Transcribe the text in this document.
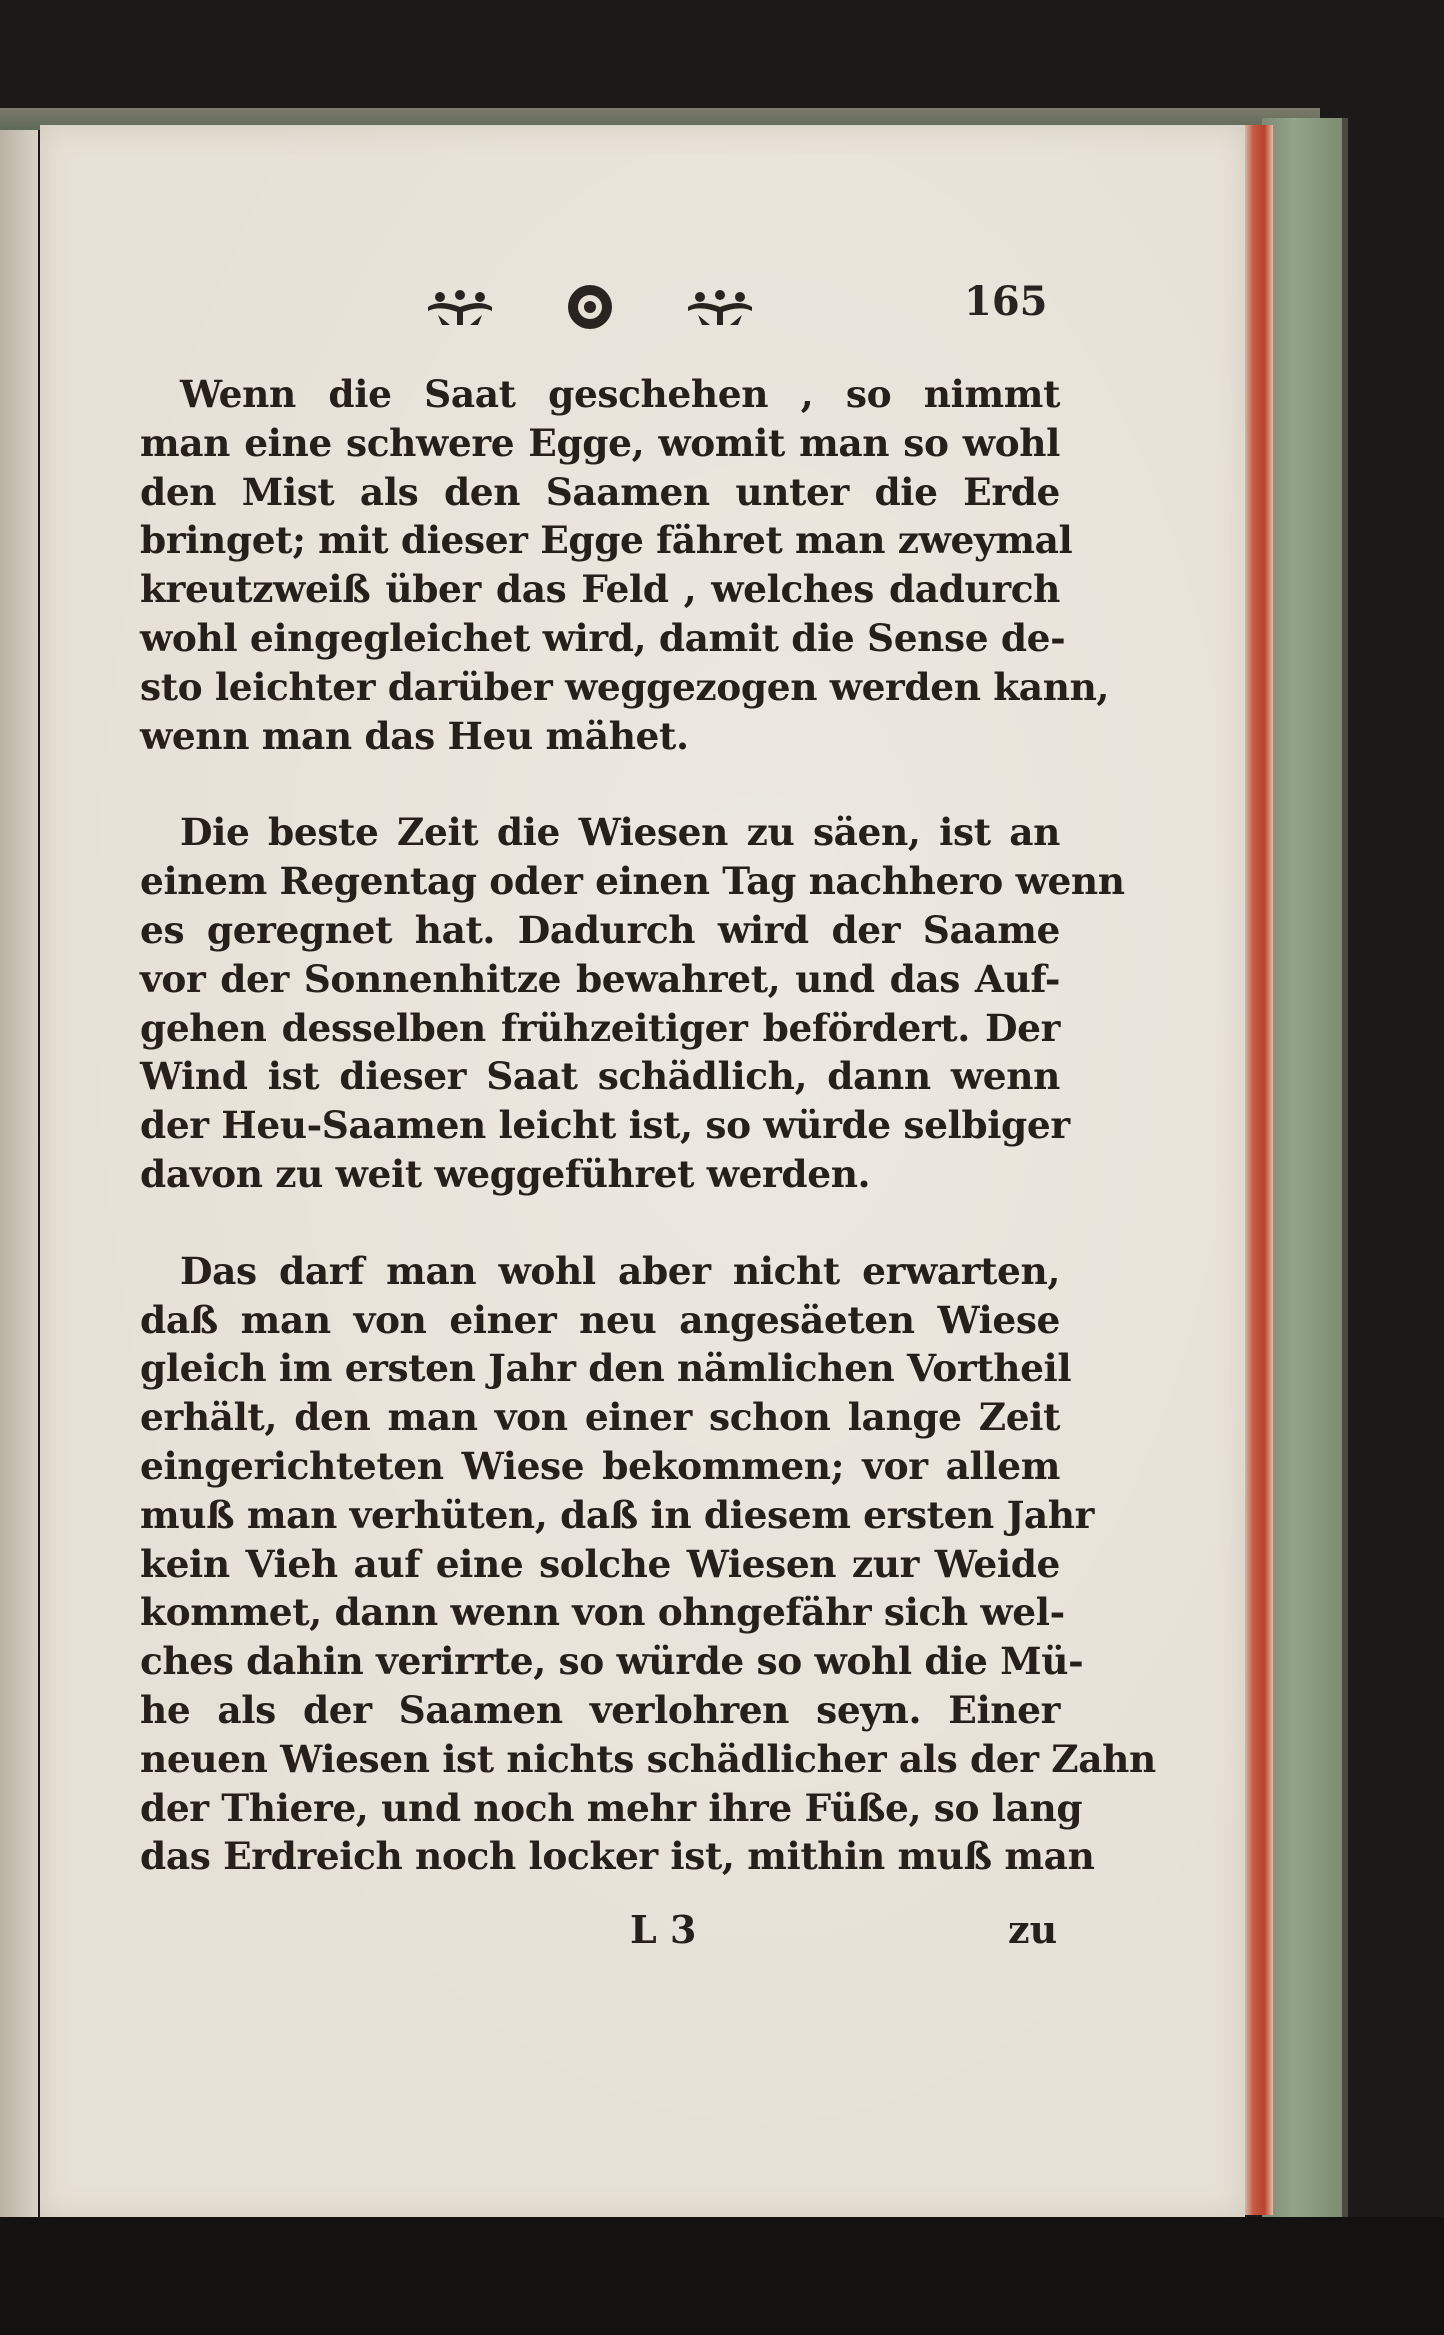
165
Wenn die Saat geschehen , so nimmt
man eine schwere Egge, womit man so wohl
den Mist als den Saamen unter die Erde
bringet; mit dieser Egge fähret man zweymal
kreutzweiß über das Feld , welches dadurch
wohl eingegleichet wird, damit die Sense de-
sto leichter darüber weggezogen werden kann,
wenn man das Heu mähet.
Die beste Zeit die Wiesen zu säen, ist an
einem Regentag oder einen Tag nachhero wenn
es geregnet hat. Dadurch wird der Saame
vor der Sonnenhitze bewahret, und das Auf-
gehen desselben frühzeitiger befördert. Der
Wind ist dieser Saat schädlich, dann wenn
der Heu-Saamen leicht ist, so würde selbiger
davon zu weit weggeführet werden.
Das darf man wohl aber nicht erwarten,
daß man von einer neu angesäeten Wiese
gleich im ersten Jahr den nämlichen Vortheil
erhält, den man von einer schon lange Zeit
eingerichteten Wiese bekommen; vor allem
muß man verhüten, daß in diesem ersten Jahr
kein Vieh auf eine solche Wiesen zur Weide
kommet, dann wenn von ohngefähr sich wel-
ches dahin verirrte, so würde so wohl die Mü-
he als der Saamen verlohren seyn. Einer
neuen Wiesen ist nichts schädlicher als der Zahn
der Thiere, und noch mehr ihre Füße, so lang
das Erdreich noch locker ist, mithin muß man
L 3	zu
